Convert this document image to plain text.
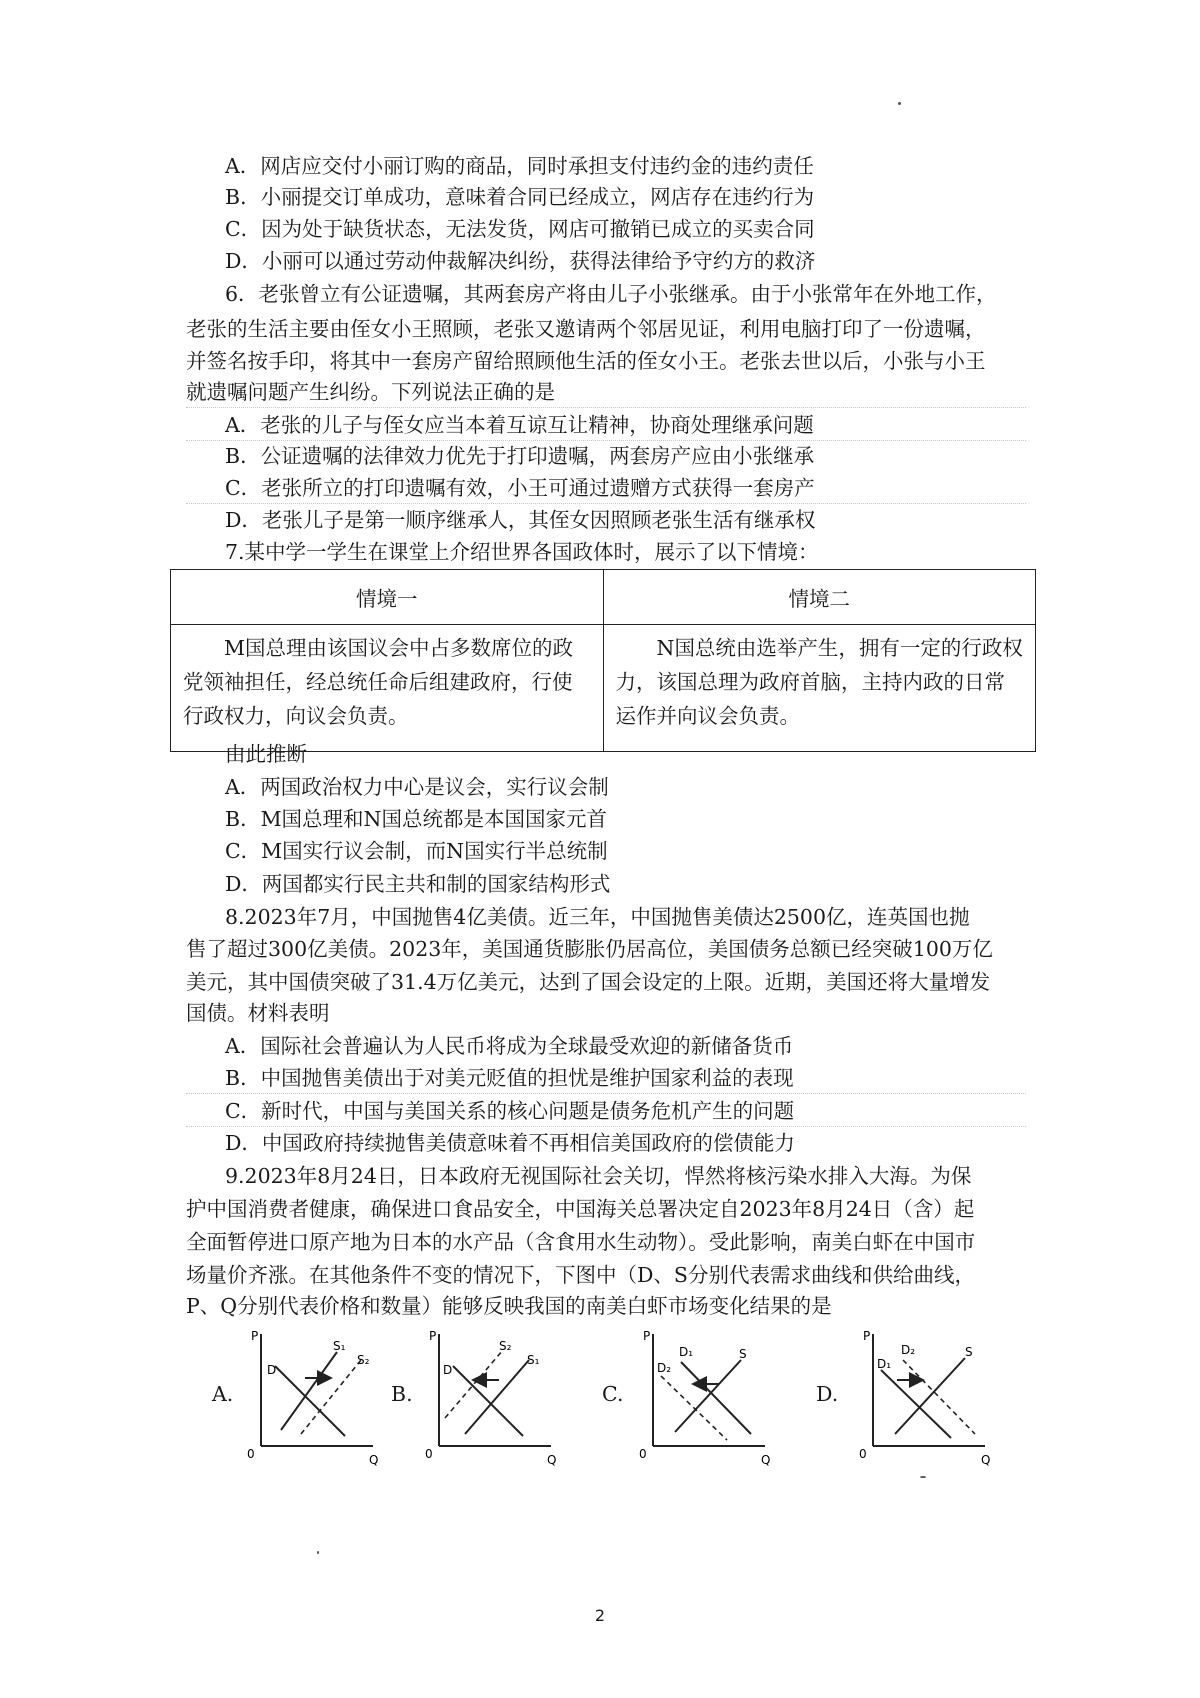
A．网店应交付小丽订购的商品，同时承担支付违约金的违约责任
B．小丽提交订单成功，意味着合同已经成立，网店存在违约行为
C．因为处于缺货状态，无法发货，网店可撤销已成立的买卖合同
D．小丽可以通过劳动仲裁解决纠纷，获得法律给予守约方的救济
6．老张曾立有公证遗嘱，其两套房产将由儿子小张继承。由于小张常年在外地工作，
老张的生活主要由侄女小王照顾，老张又邀请两个邻居见证，利用电脑打印了一份遗嘱，
并签名按手印，将其中一套房产留给照顾他生活的侄女小王。老张去世以后，小张与小王
就遗嘱问题产生纠纷。下列说法正确的是
A．老张的儿子与侄女应当本着互谅互让精神，协商处理继承问题
B．公证遗嘱的法律效力优先于打印遗嘱，两套房产应由小张继承
C．老张所立的打印遗嘱有效，小王可通过遗赠方式获得一套房产
D．老张儿子是第一顺序继承人，其侄女因照顾老张生活有继承权
7.某中学一学生在课堂上介绍世界各国政体时，展示了以下情境：
情境一	情境二
M国总理由该国议会中占多数席位的政党领袖担任，经总统任命后组建政府，行使行政权力，向议会负责。	N国总统由选举产生，拥有一定的行政权力，该国总理为政府首脑，主持内政的日常运作并向议会负责。
由此推断
A．两国政治权力中心是议会，实行议会制
B．M国总理和N国总统都是本国国家元首
C．M国实行议会制，而N国实行半总统制
D．两国都实行民主共和制的国家结构形式
8.2023年7月，中国抛售4亿美债。近三年，中国抛售美债达2500亿，连英国也抛
售了超过300亿美债。2023年，美国通货膨胀仍居高位，美国债务总额已经突破100万亿
美元，其中国债突破了31.4万亿美元，达到了国会设定的上限。近期，美国还将大量增发
国债。材料表明
A．国际社会普遍认为人民币将成为全球最受欢迎的新储备货币
B．中国抛售美债出于对美元贬值的担忧是维护国家利益的表现
C．新时代，中国与美国关系的核心问题是债务危机产生的问题
D．中国政府持续抛售美债意味着不再相信美国政府的偿债能力
9.2023年8月24日，日本政府无视国际社会关切，悍然将核污染水排入大海。为保
护中国消费者健康，确保进口食品安全，中国海关总署决定自2023年8月24日（含）起
全面暂停进口原产地为日本的水产品（含食用水生动物）。受此影响，南美白虾在中国市
场量价齐涨。在其他条件不变的情况下，下图中（D、S分别代表需求曲线和供给曲线，
P、Q分别代表价格和数量）能够反映我国的南美白虾市场变化结果的是
A.	B.	C.	D.
P
0	Q
D
S₁
S₂
P
0	Q
D
S₂
S₁
P
0	Q
D₂
D₁	S
P
0	Q
D₁
D₂	S
2
